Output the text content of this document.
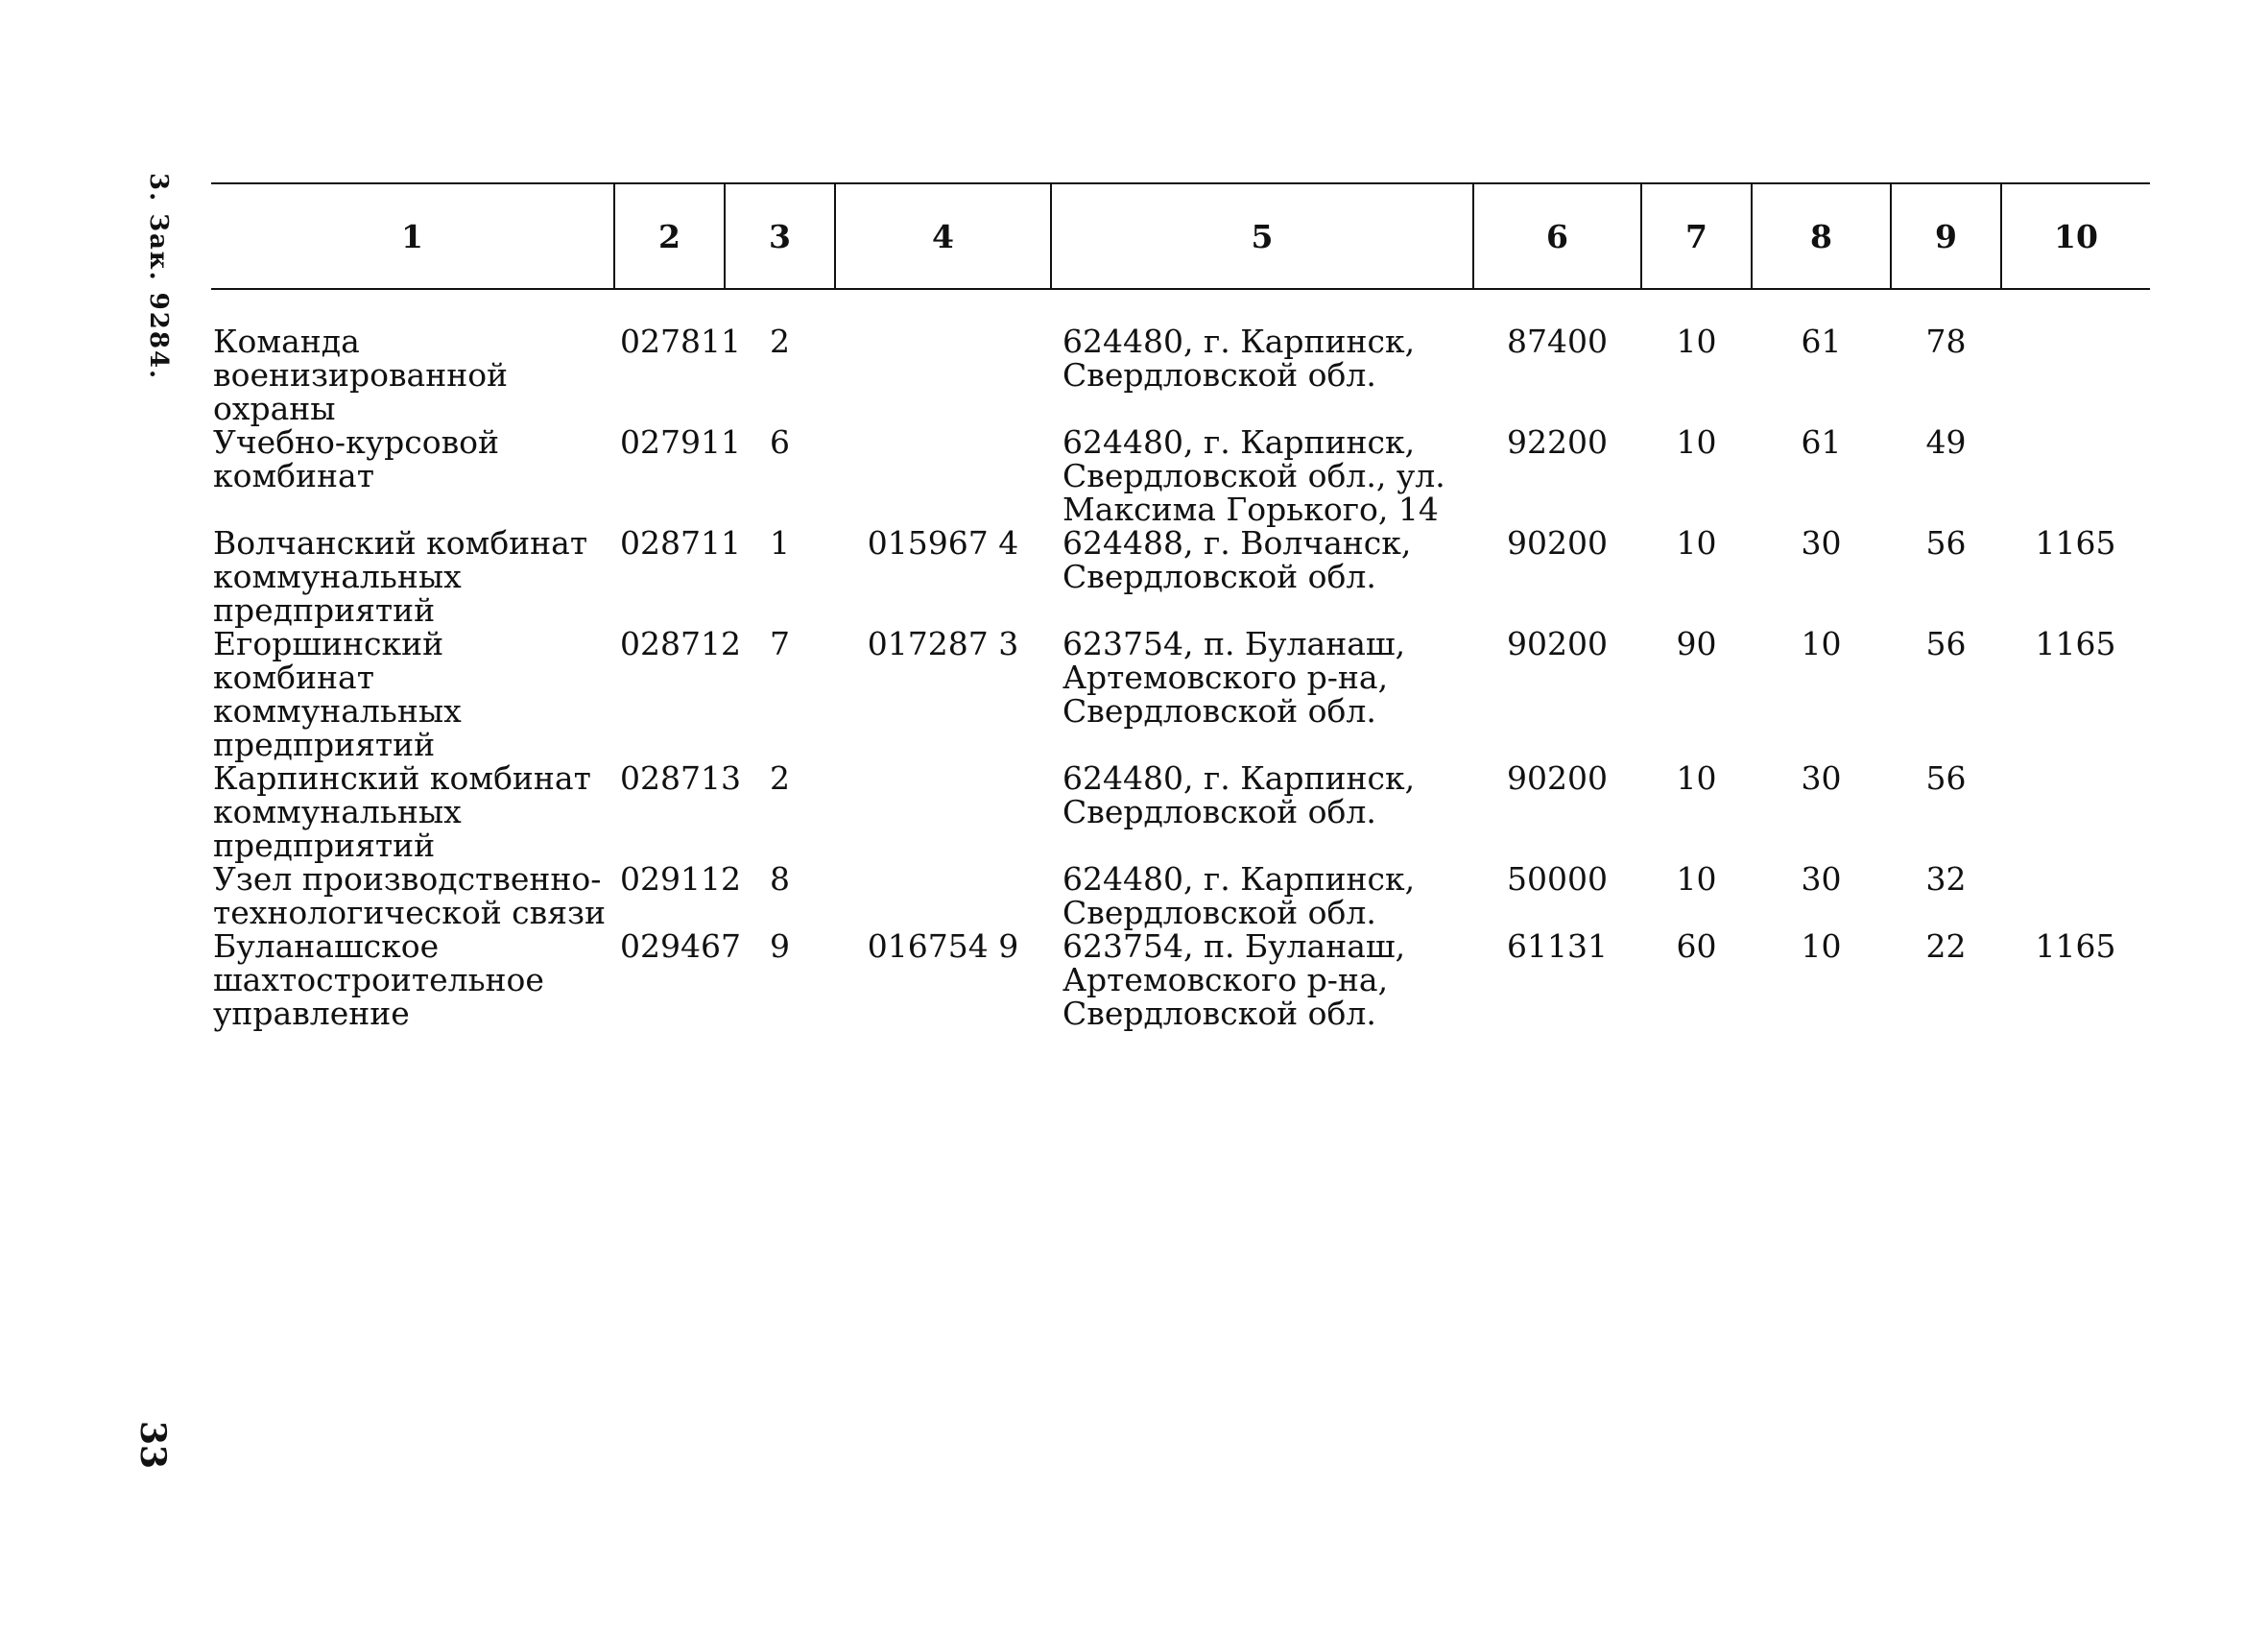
3. Зак. 9284.
33
1	2	3	4	5	6	7	8	9	10
Команда военизированной охраны	027811	2		624480, г. Карпинск, Свердловской обл.	87400	10	61	78	
Учебно-курсовой комбинат	027911	6		624480, г. Карпинск, Свердловской обл., ул. Максима Горького, 14	92200	10	61	49	
Волчанский комбинат коммунальных предприятий	028711	1	015967 4	624488, г. Волчанск, Свердловской обл.	90200	10	30	56	1165
Егоршинский комбинат коммунальных предприятий	028712	7	017287 3	623754, п. Буланаш, Артемовского р-на, Свердловской обл.	90200	90	10	56	1165
Карпинский комбинат коммунальных предприятий	028713	2		624480, г. Карпинск, Свердловской обл.	90200	10	30	56	
Узел производственно-технологической связи	029112	8		624480, г. Карпинск, Свердловской обл.	50000	10	30	32	
Буланашское шахтостроительное управление	029467	9	016754 9	623754, п. Буланаш, Артемовского р-на, Свердловской обл.	61131	60	10	22	1165
